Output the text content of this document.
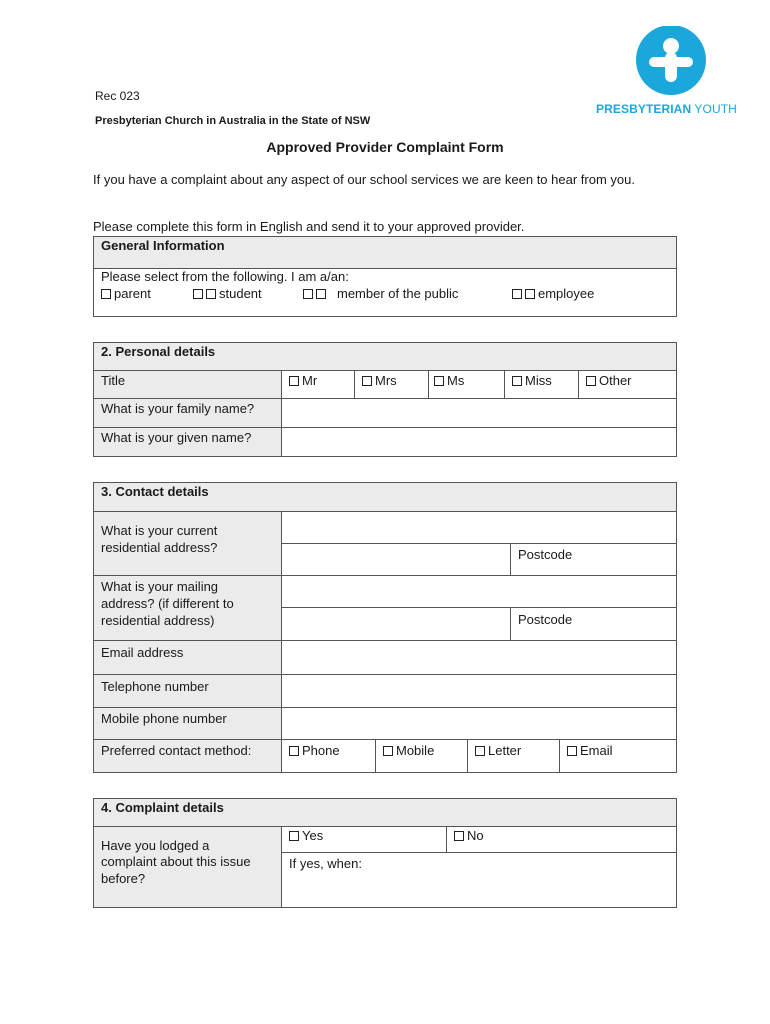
Rec 023
Presbyterian Church in Australia in the State of NSW
PRESBYTERIAN YOUTH
Approved Provider Complaint Form
If you have a complaint about any aspect of our school services we are keen to hear from you.
Please complete this form in English and send it to your approved provider.
General Information
Please select from the following. I am a/an:
parent	student	member of the public	employee
2. Personal details
Title	Mr	Mrs	Ms	Miss	Other
What is your family name?
What is your given name?
3. Contact details
What is your current
residential address?	Postcode
What is your mailing
address? (if different to
residential address)	Postcode
Email address
Telephone number
Mobile phone number
Preferred contact method:	Phone	Mobile	Letter	Email
4. Complaint details
Have you lodged a
complaint about this issue
before?
Yes	No
If yes, when:
